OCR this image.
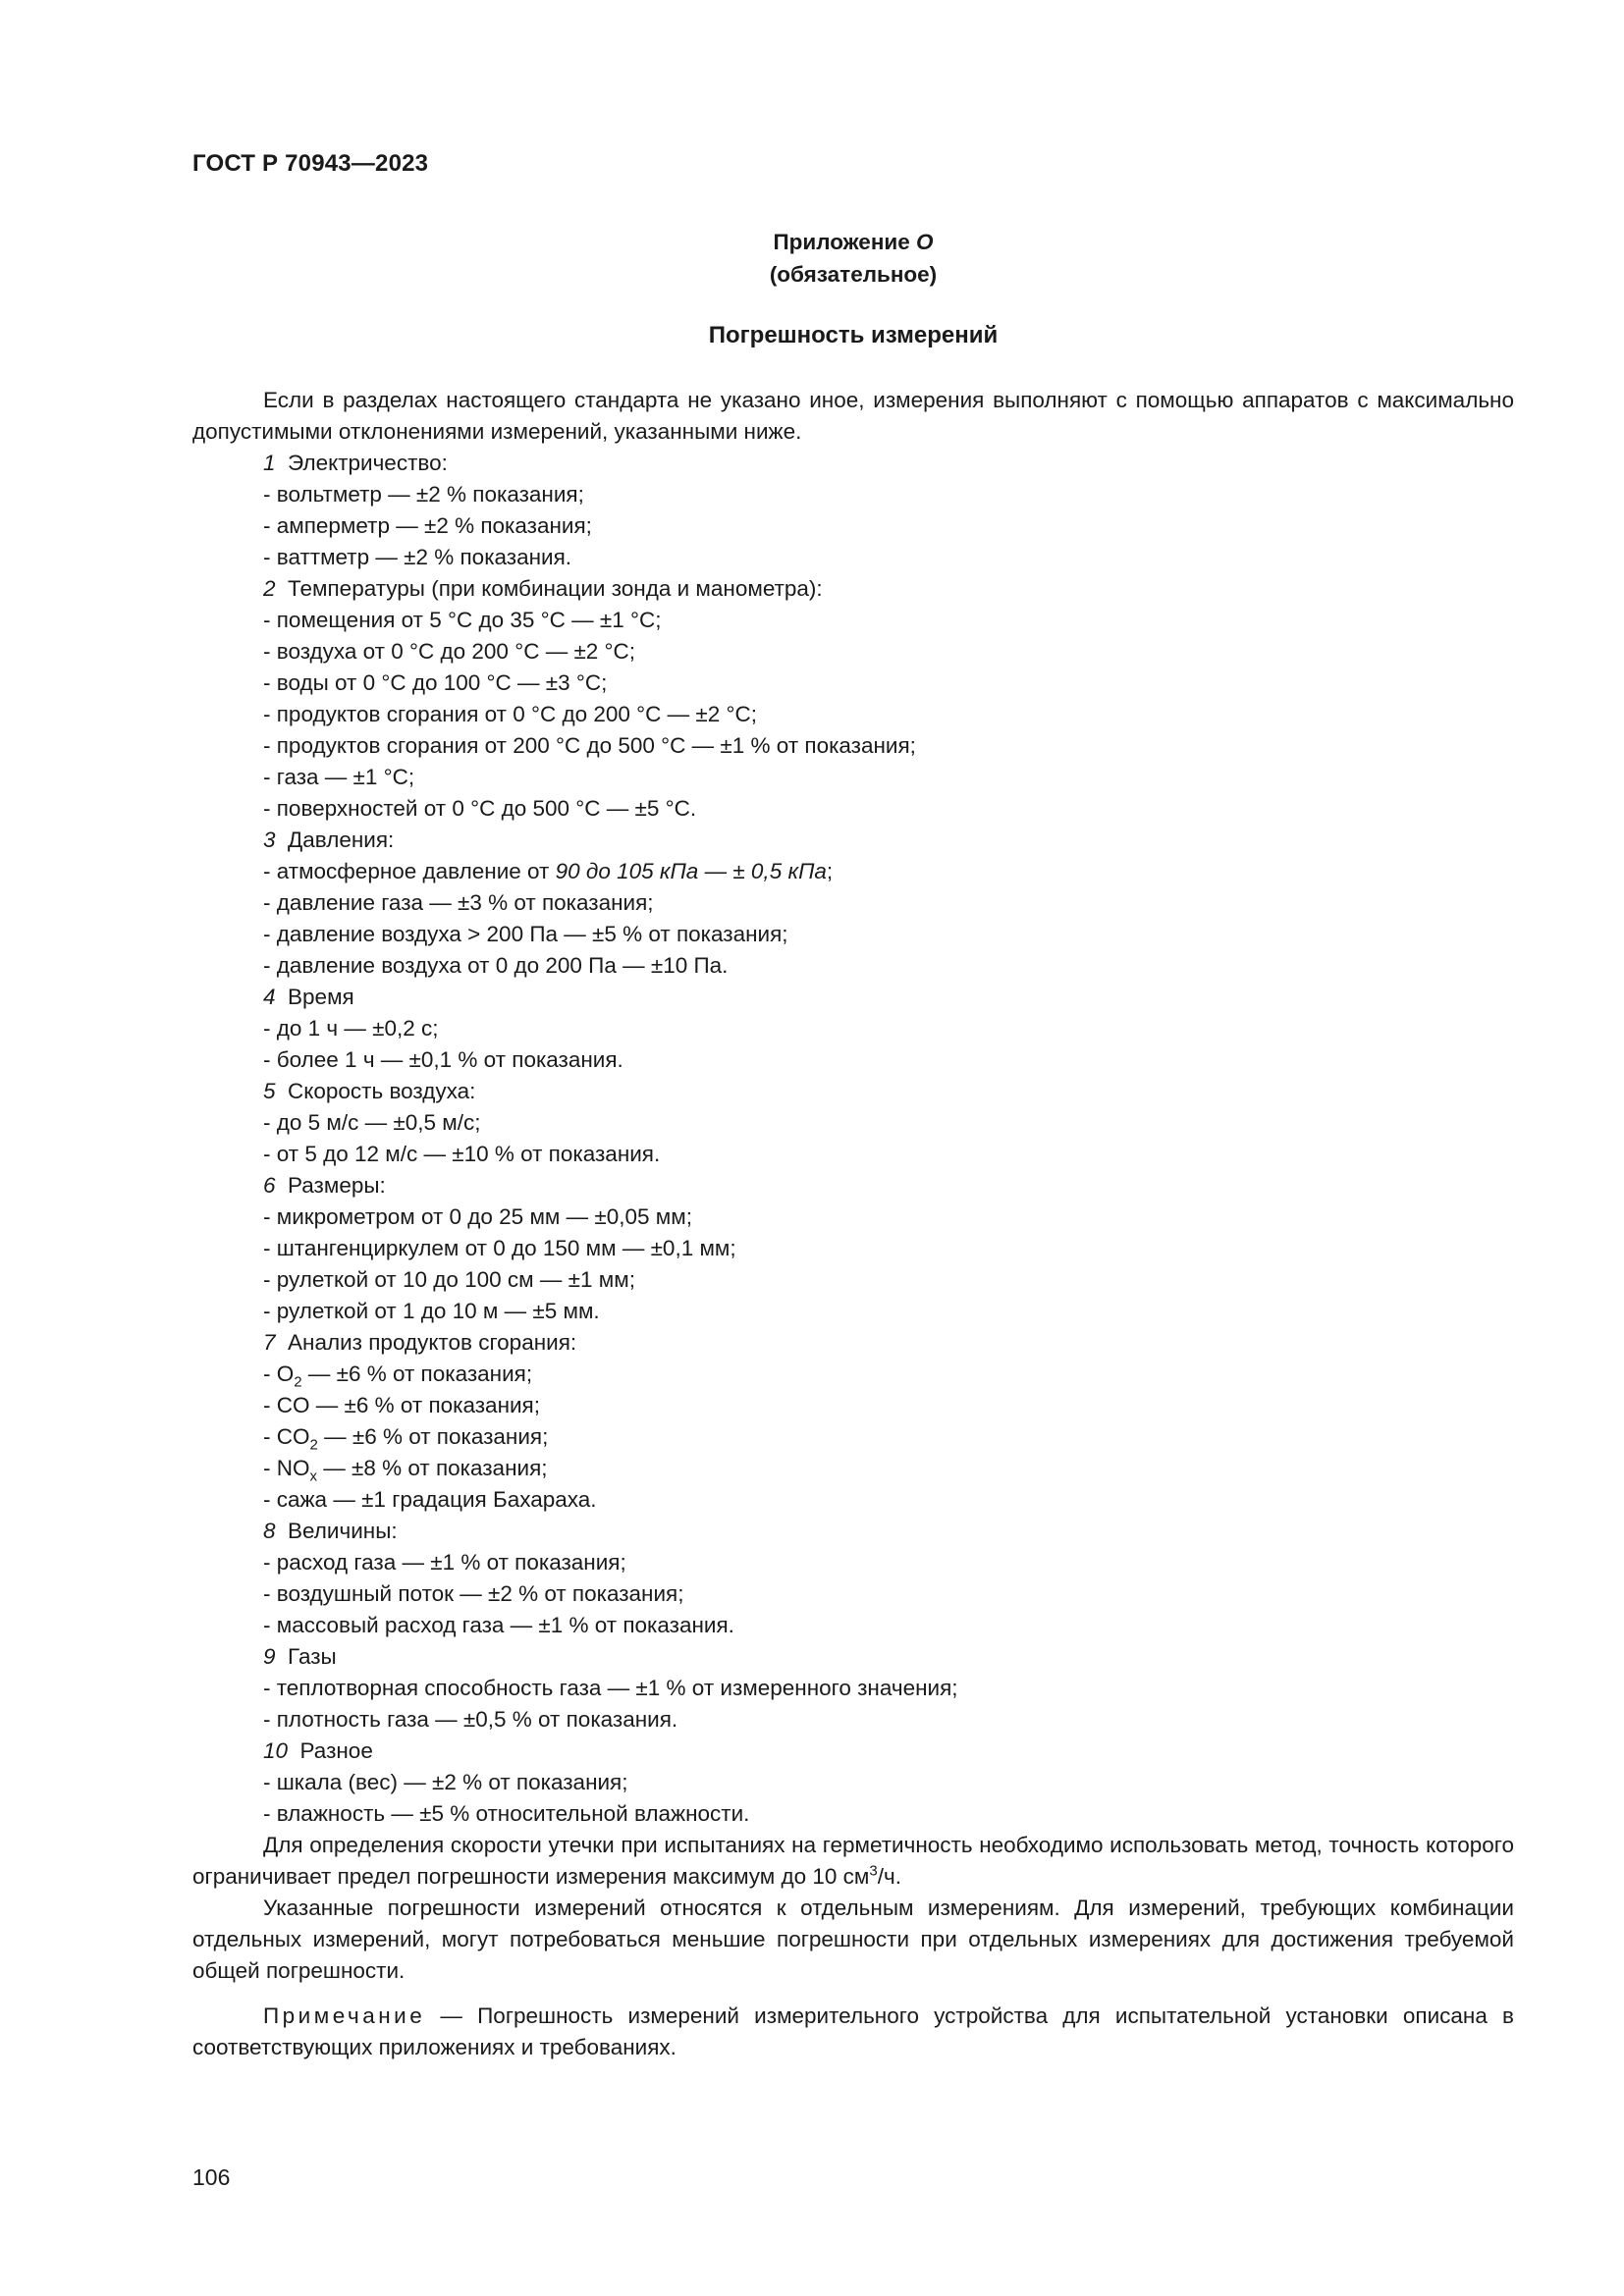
ГОСТ Р 70943—2023
Приложение О
(обязательное)
Погрешность измерений

Если в разделах настоящего стандарта не указано иное, измерения выполняют с помощью аппаратов с максимально допустимыми отклонениями измерений, указанными ниже.

1 Электричество:
- вольтметр — ±2 % показания;
- амперметр — ±2 % показания;
- ваттметр — ±2 % показания.
2 Температуры (при комбинации зонда и манометра):
- помещения от 5 °C до 35 °C — ±1 °C;
- воздуха от 0 °C до 200 °C — ±2 °C;
- воды от 0 °C до 100 °C — ±3 °C;
- продуктов сгорания от 0 °C до 200 °C — ±2 °C;
- продуктов сгорания от 200 °C до 500 °C — ±1 % от показания;
- газа — ±1 °C;
- поверхностей от 0 °C до 500 °C — ±5 °C.
3 Давления:
- атмосферное давление от 90 до 105 кПа — ± 0,5 кПа;
- давление газа — ±3 % от показания;
- давление воздуха > 200 Па — ±5 % от показания;
- давление воздуха от 0 до 200 Па — ±10 Па.
4 Время
- до 1 ч — ±0,2 с;
- более 1 ч — ±0,1 % от показания.
5 Скорость воздуха:
- до 5 м/с — ±0,5 м/с;
- от 5 до 12 м/с — ±10 % от показания.
6 Размеры:
- микрометром от 0 до 25 мм — ±0,05 мм;
- штангенциркулем от 0 до 150 мм — ±0,1 мм;
- рулеткой от 10 до 100 см — ±1 мм;
- рулеткой от 1 до 10 м — ±5 мм.
7 Анализ продуктов сгорания:
- $O_2$ — ±6 % от показания;
- CO — ±6 % от показания;
- $CO_2$ — ±6 % от показания;
- $NO_x$ — ±8 % от показания;
- сажа — ±1 градация Бахараха.
8 Величины:
- расход газа — ±1 % от показания;
- воздушный поток — ±2 % от показания;
- массовый расход газа — ±1 % от показания.
9 Газы
- теплотворная способность газа — ±1 % от измеренного значения;
- плотность газа — ±0,5 % от показания.
10 Разное
- шкала (вес) — ±2 % от показания;
- влажность — ±5 % относительной влажности.

Для определения скорости утечки при испытаниях на герметичность необходимо использовать метод, точность которого ограничивает предел погрешности измерения максимум до 10 $см^3/ч$.

Указанные погрешности измерений относятся к отдельным измерениям. Для измерений, требующих комбинации отдельных измерений, могут потребоваться меньшие погрешности при отдельных измерениях для достижения требуемой общей погрешности.

Примечание — Погрешность измерений измерительного устройства для испытательной установки описана в соответствующих приложениях и требованиях.

106
